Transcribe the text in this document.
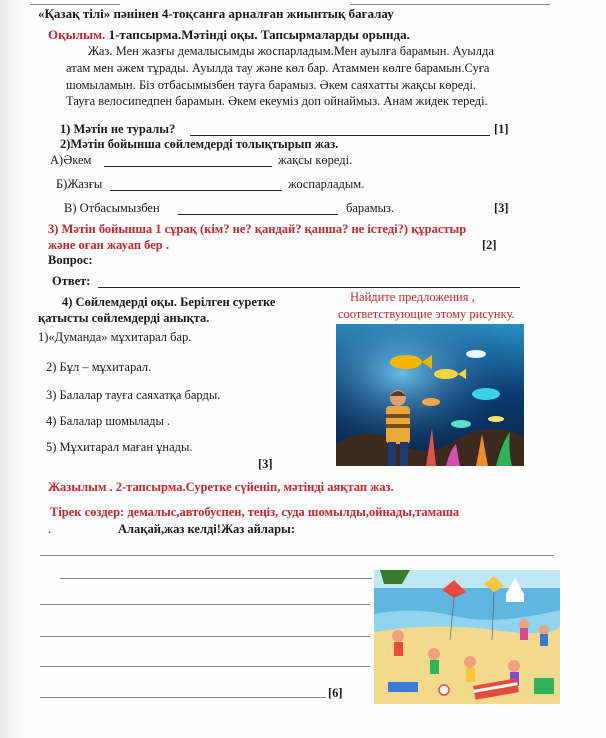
«Қазақ тілі» пәнінен 4-тоқсанға арналған жиынтық бағалау
Оқылым. 1-тапсырма.Мәтінді оқы. Тапсырмаларды орында.
Жаз. Мен жазғы демалысымды жоспарладым.Мен ауылға барамын. Ауылда
атам мен әжем тұрады. Ауылда тау және көл бар. Атаммен көлге барамын.Суға
шомыламын. Біз отбасымызбен тауға барамыз. Әкем саяхатты жақсы көреді.
Тауға велосипедпен барамын. Әкем екеуміз доп ойнаймыз. Анам жидек тереді.
1) Мәтін не туралы?	[1]
2)Мәтін бойынша сөйлемдерді толықтырып жаз.
А)Әкем	жақсы көреді.
Б)Жазғы	жоспарладым.
В) Отбасымызбен	барамыз.	[3]
3) Мәтін бойынша 1 сұрақ (кім? не? қандай? қанша? не істеді?) құрастыр
және оған жауап бер .	[2]
Вопрос:
Ответ:
4) Сөйлемдерді оқы. Берілген суретке
қатысты сөйлемдерді анықта.
Найдите предложения ,
соответствующие этому рисунку.
1)«Думанда» мұхитарал бар.
2) Бұл – мұхитарал.
3) Балалар тауға саяхатқа барды.
4) Балалар шомылады .
5) Мұхитарал маған ұнады.
[3]
Жазылым . 2-тапсырма.Суретке сүйеніп, мәтінді аяқтап жаз.
Тірек сөздер: демалыс,автобуспен, теңіз, суда шомылды,ойнады,тамаша
.	Алақай,жаз келді!Жаз айлары:
[6]
